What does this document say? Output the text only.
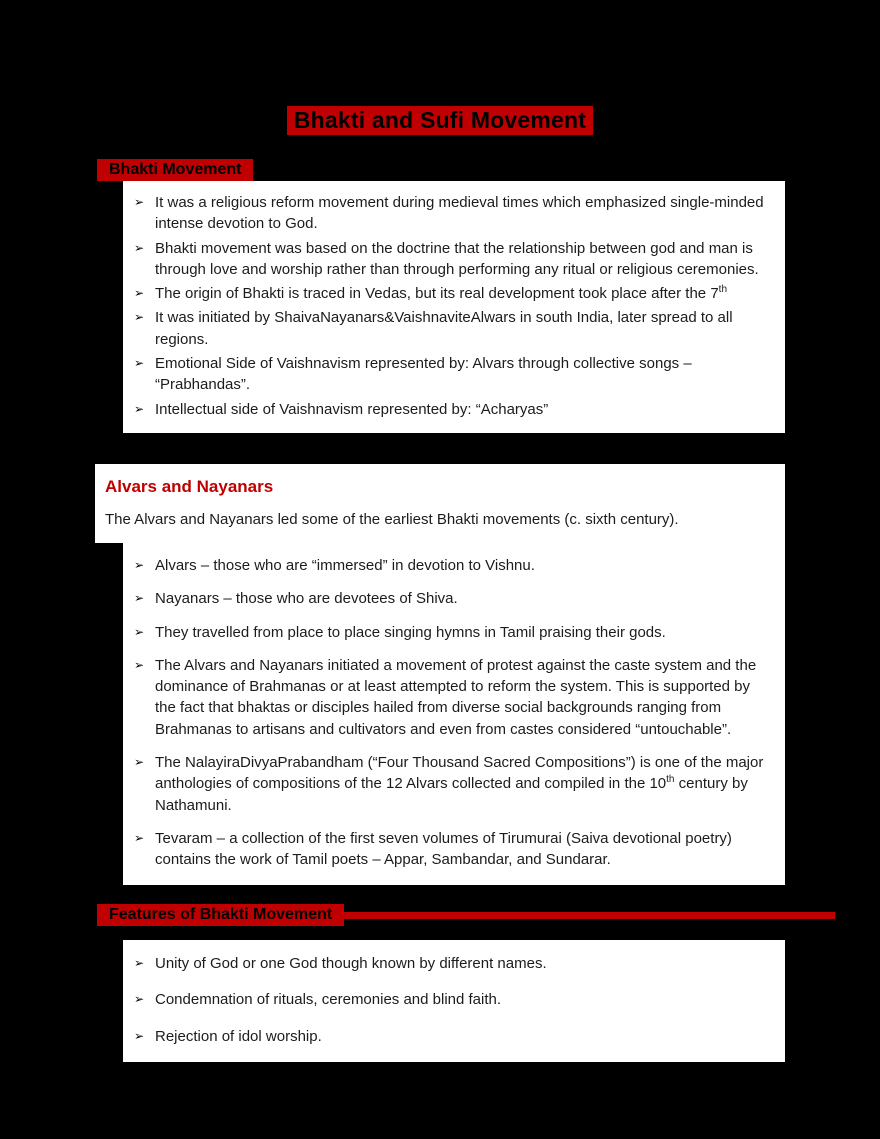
Bhakti and Sufi Movement
Bhakti Movement
➢ It was a religious reform movement during medieval times which emphasized single-minded intense devotion to God.
➢ Bhakti movement was based on the doctrine that the relationship between god and man is through love and worship rather than through performing any ritual or religious ceremonies.
➢ The origin of Bhakti is traced in Vedas, but its real development took place after the 7th
➢ It was initiated by ShaivaNayanars&VaishnaviteAlwars in south India, later spread to all regions.
➢ Emotional Side of Vaishnavism represented by: Alvars through collective songs – “Prabhandas”.
➢ Intellectual side of Vaishnavism represented by: “Acharyas”
Alvars and Nayanars
The Alvars and Nayanars led some of the earliest Bhakti movements (c. sixth century).
➢ Alvars – those who are “immersed” in devotion to Vishnu.
➢ Nayanars – those who are devotees of Shiva.
➢ They travelled from place to place singing hymns in Tamil praising their gods.
➢ The Alvars and Nayanars initiated a movement of protest against the caste system and the dominance of Brahmanas or at least attempted to reform the system. This is supported by the fact that bhaktas or disciples hailed from diverse social backgrounds ranging from Brahmanas to artisans and cultivators and even from castes considered “untouchable”.
➢ The NalayiraDivyaPrabandham (“Four Thousand Sacred Compositions”) is one of the major anthologies of compositions of the 12 Alvars collected and compiled in the 10th century by Nathamuni.
➢ Tevaram – a collection of the first seven volumes of Tirumurai (Saiva devotional poetry) contains the work of Tamil poets – Appar, Sambandar, and Sundarar.
Features of Bhakti Movement
➢ Unity of God or one God though known by different names.
➢ Condemnation of rituals, ceremonies and blind faith.
➢ Rejection of idol worship.
